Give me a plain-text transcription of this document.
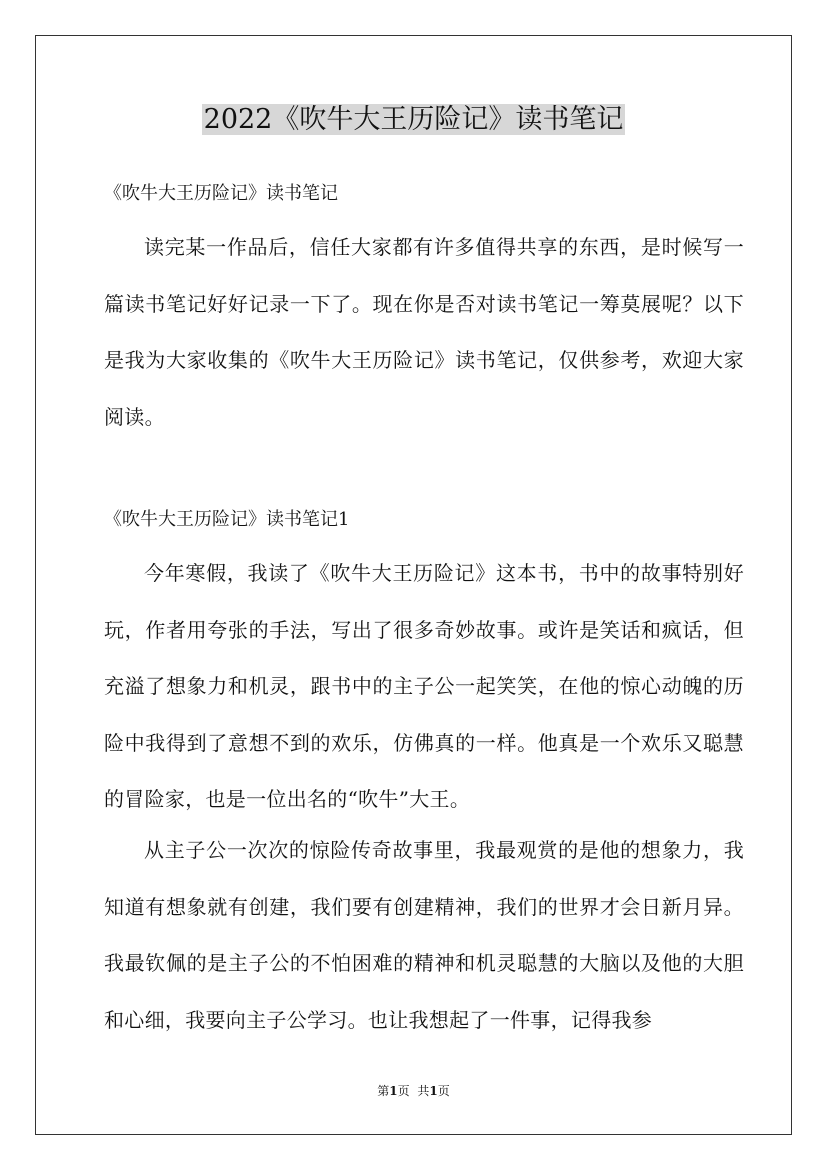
2022《吹牛大王历险记》读书笔记
《吹牛大王历险记》读书笔记

读完某一作品后，信任大家都有许多值得共享的东西，是时候写一篇读书笔记好好记录一下了。现在你是否对读书笔记一筹莫展呢？以下是我为大家收集的《吹牛大王历险记》读书笔记，仅供参考，欢迎大家阅读。

《吹牛大王历险记》读书笔记1

今年寒假，我读了《吹牛大王历险记》这本书，书中的故事特别好玩，作者用夸张的手法，写出了很多奇妙故事。或许是笑话和疯话，但充溢了想象力和机灵，跟书中的主子公一起笑笑，在他的惊心动魄的历险中我得到了意想不到的欢乐，仿佛真的一样。他真是一个欢乐又聪慧的冒险家，也是一位出名的“吹牛”大王。

从主子公一次次的惊险传奇故事里，我最观赏的是他的想象力，我知道有想象就有创建，我们要有创建精神，我们的世界才会日新月异。我最钦佩的是主子公的不怕困难的精神和机灵聪慧的大脑以及他的大胆和心细，我要向主子公学习。也让我想起了一件事，记得我参

第1页 共1页
